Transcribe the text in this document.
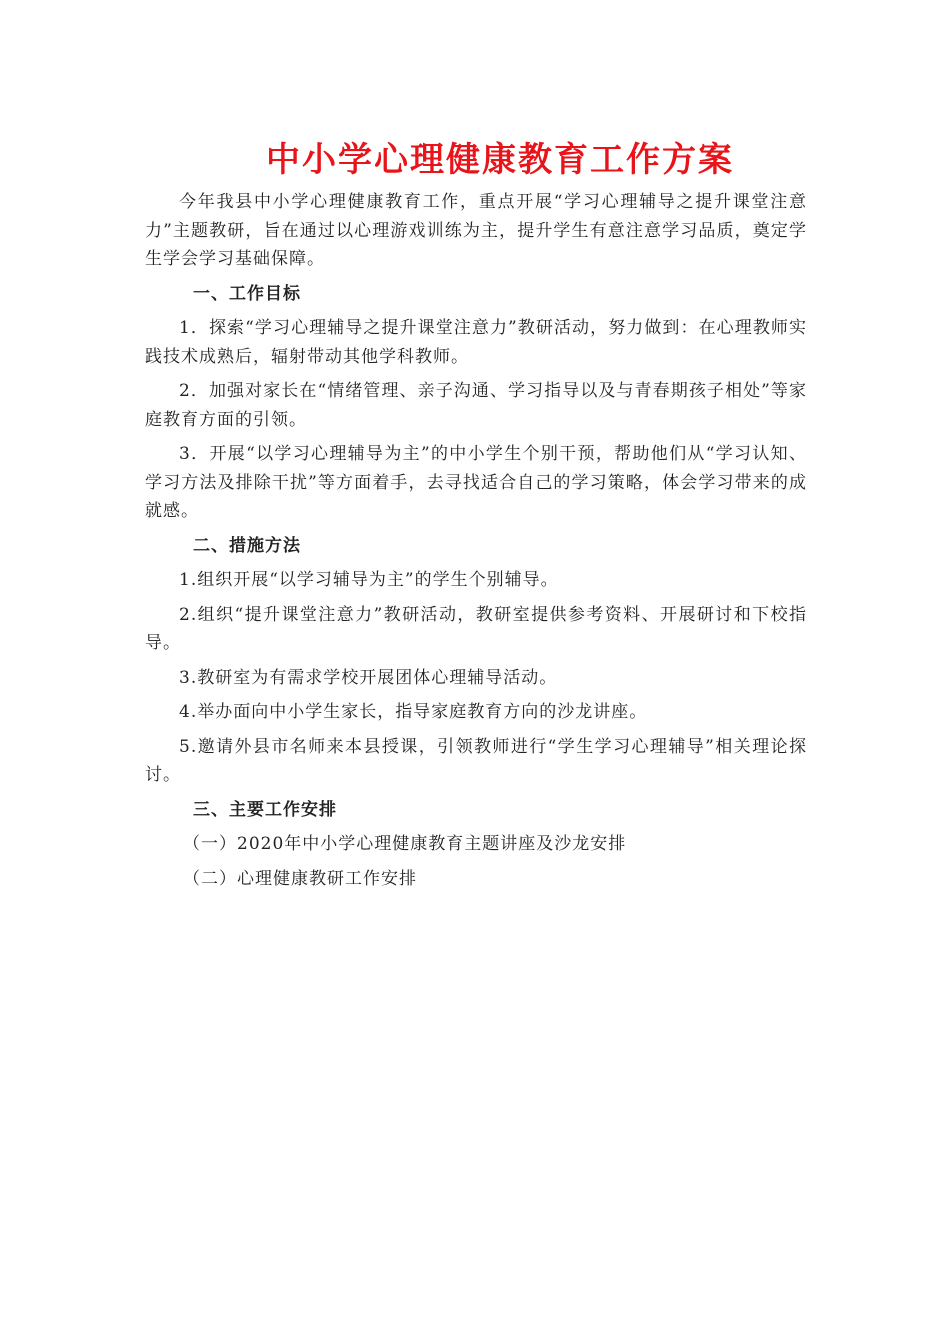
中小学心理健康教育工作方案

今年我县中小学心理健康教育工作，重点开展“学习心理辅导之提升课堂注意力”主题教研，旨在通过以心理游戏训练为主，提升学生有意注意学习品质，奠定学生学会学习基础保障。

一、工作目标

1．探索“学习心理辅导之提升课堂注意力”教研活动，努力做到：在心理教师实践技术成熟后，辐射带动其他学科教师。

2．加强对家长在“情绪管理、亲子沟通、学习指导以及与青春期孩子相处”等家庭教育方面的引领。

3．开展“以学习心理辅导为主”的中小学生个别干预，帮助他们从“学习认知、学习方法及排除干扰”等方面着手，去寻找适合自己的学习策略，体会学习带来的成就感。

二、措施方法

1.组织开展“以学习辅导为主”的学生个别辅导。

2.组织“提升课堂注意力”教研活动，教研室提供参考资料、开展研讨和下校指导。

3.教研室为有需求学校开展团体心理辅导活动。

4.举办面向中小学生家长，指导家庭教育方向的沙龙讲座。

5.邀请外县市名师来本县授课，引领教师进行“学生学习心理辅导”相关理论探讨。

三、主要工作安排
（一）2020年中小学心理健康教育主题讲座及沙龙安排
（二）心理健康教研工作安排
